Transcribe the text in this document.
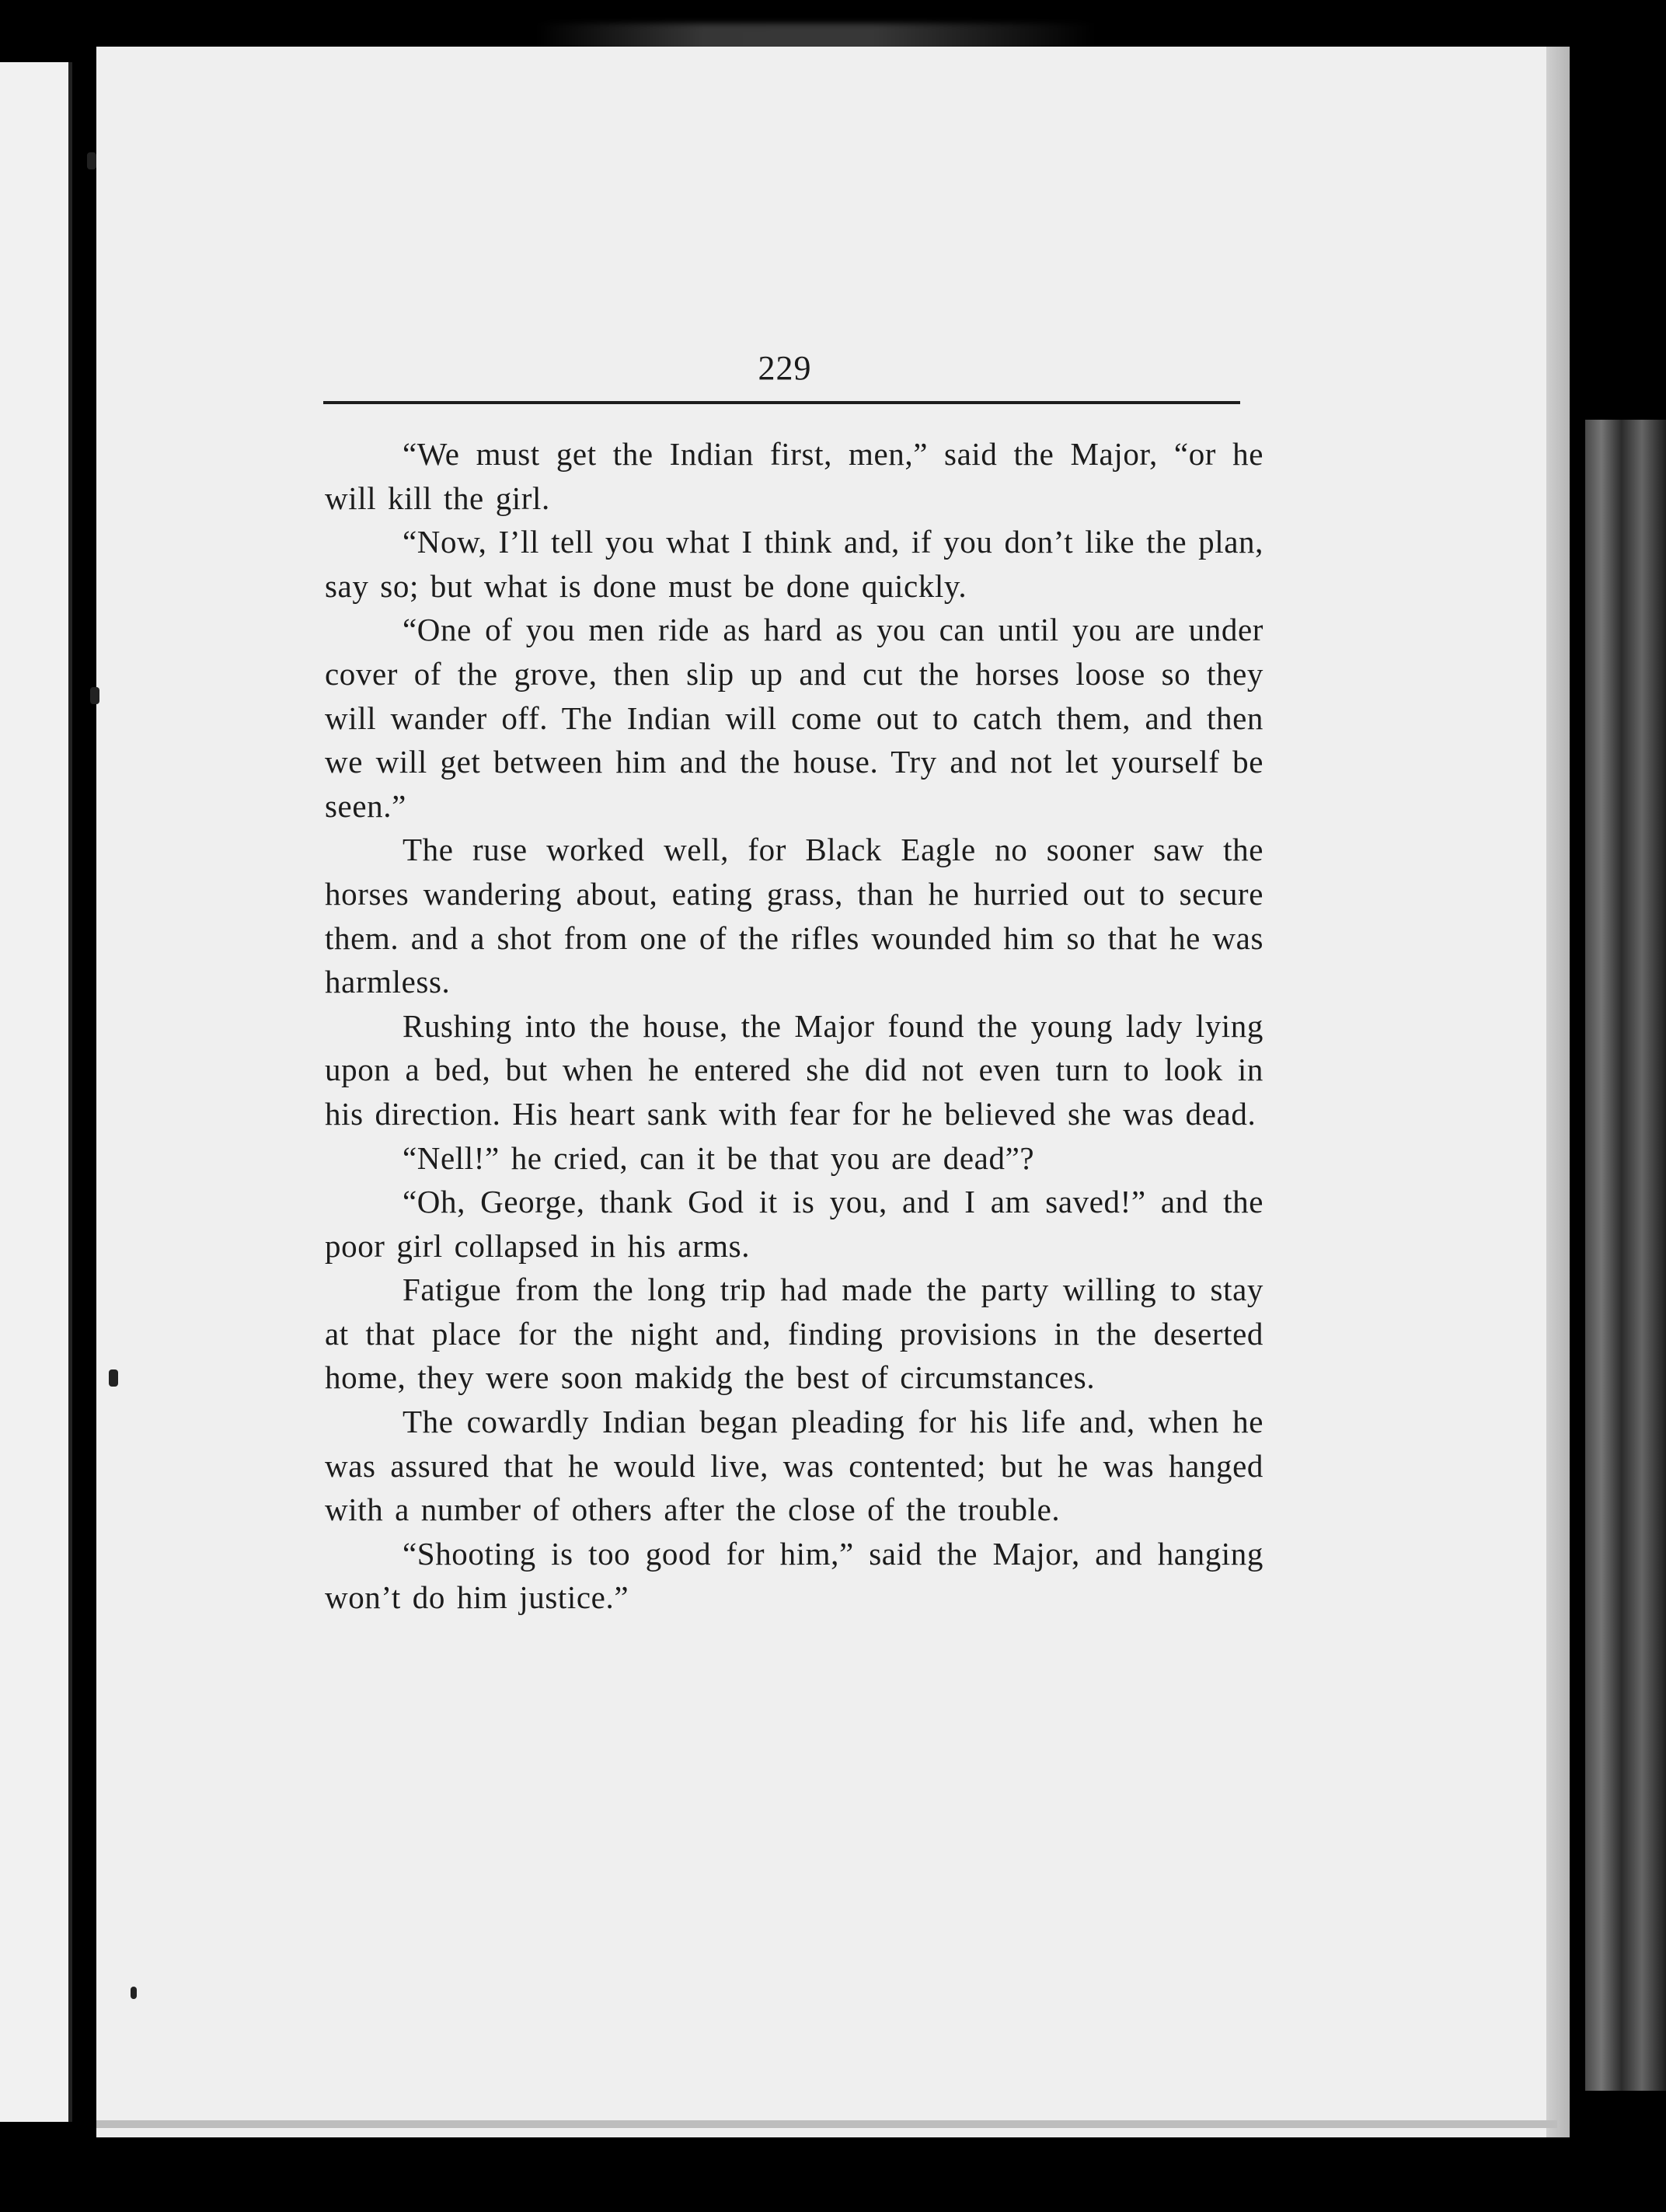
229

“We must get the Indian first, men,” said the Major, “or he will kill the girl.

“Now, I’ll tell you what I think and, if you don’t like the plan, say so; but what is done must be done quickly.

“One of you men ride as hard as you can until you are under cover of the grove, then slip up and cut the horses loose so they will wander off. The Indian will come out to catch them, and then we will get between him and the house. Try and not let yourself be seen.”

The ruse worked well, for Black Eagle no sooner saw the horses wandering about, eating grass, than he hurried out to secure them. and a shot from one of the rifles wounded him so that he was harmless.

Rushing into the house, the Major found the young lady lying upon a bed, but when he entered she did not even turn to look in his direction. His heart sank with fear for he believed she was dead.

“Nell!” he cried, can it be that you are dead”?

“Oh, George, thank God it is you, and I am saved!” and the poor girl collapsed in his arms.

Fatigue from the long trip had made the party willing to stay at that place for the night and, finding provisions in the deserted home, they were soon makidg the best of circumstances.

The cowardly Indian began pleading for his life and, when he was assured that he would live, was contented; but he was hanged with a number of others after the close of the trouble.

“Shooting is too good for him,” said the Major, and hanging won’t do him justice.”
